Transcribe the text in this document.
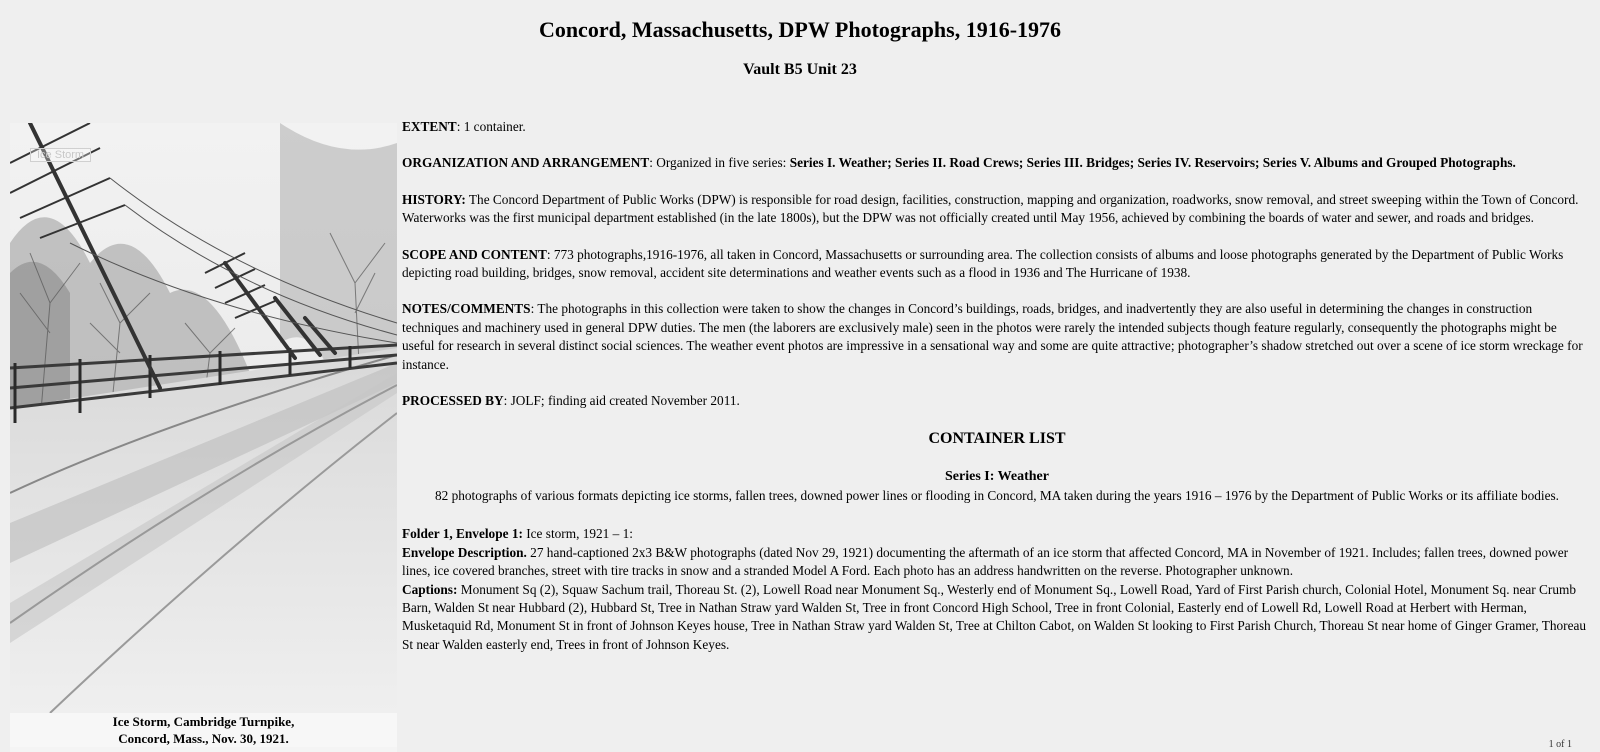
Concord, Massachusetts, DPW Photographs, 1916-1976
Vault B5 Unit 23
Ice Storm, Cambridge Turnpike,
Concord, Mass., Nov. 30, 1921.
Ice Storm

EXTENT: 1 container.

ORGANIZATION AND ARRANGEMENT: Organized in five series: Series I. Weather; Series II. Road Crews; Series III. Bridges; Series IV. Reservoirs; Series V. Albums and Grouped Photographs.

HISTORY: The Concord Department of Public Works (DPW) is responsible for road design, facilities, construction, mapping and organization, roadworks, snow removal, and street sweeping within the Town of Concord. Waterworks was the first municipal department established (in the late 1800s), but the DPW was not officially created until May 1956, achieved by combining the boards of water and sewer, and roads and bridges.

SCOPE AND CONTENT: 773 photographs,1916-1976, all taken in Concord, Massachusetts or surrounding area. The collection consists of albums and loose photographs generated by the Department of Public Works depicting road building, bridges, snow removal, accident site determinations and weather events such as a flood in 1936 and The Hurricane of 1938.

NOTES/COMMENTS: The photographs in this collection were taken to show the changes in Concord’s buildings, roads, bridges, and inadvertently they are also useful in determining the changes in construction techniques and machinery used in general DPW duties. The men (the laborers are exclusively male) seen in the photos were rarely the intended subjects though feature regularly, consequently the photographs might be useful for research in several distinct social sciences. The weather event photos are impressive in a sensational way and some are quite attractive; photographer’s shadow stretched out over a scene of ice storm wreckage for instance.

PROCESSED BY: JOLF; finding aid created November 2011.

CONTAINER LIST
Series I: Weather
82 photographs of various formats depicting ice storms, fallen trees, downed power lines or flooding in Concord, MA taken during the years 1916 – 1976 by the Department of Public Works or its affiliate bodies.

Folder 1, Envelope 1: Ice storm, 1921 – 1:

Envelope Description. 27 hand-captioned 2x3 B&W photographs (dated Nov 29, 1921) documenting the aftermath of an ice storm that affected Concord, MA in November of 1921. Includes; fallen trees, downed power lines, ice covered branches, street with tire tracks in snow and a stranded Model A Ford. Each photo has an address handwritten on the reverse. Photographer unknown.

Captions: Monument Sq (2), Squaw Sachum trail, Thoreau St. (2), Lowell Road near Monument Sq., Westerly end of Monument Sq., Lowell Road, Yard of First Parish church, Colonial Hotel, Monument Sq. near Crumb Barn, Walden St near Hubbard (2), Hubbard St, Tree in Nathan Straw yard Walden St, Tree in front Concord High School, Tree in front Colonial, Easterly end of Lowell Rd, Lowell Road at Herbert with Herman, Musketaquid Rd, Monument St in front of Johnson Keyes house, Tree in Nathan Straw yard Walden St, Tree at Chilton Cabot, on Walden St looking to First Parish Church, Thoreau St near home of Ginger Gramer, Thoreau St near Walden easterly end, Trees in front of Johnson Keyes.

1 of 1
